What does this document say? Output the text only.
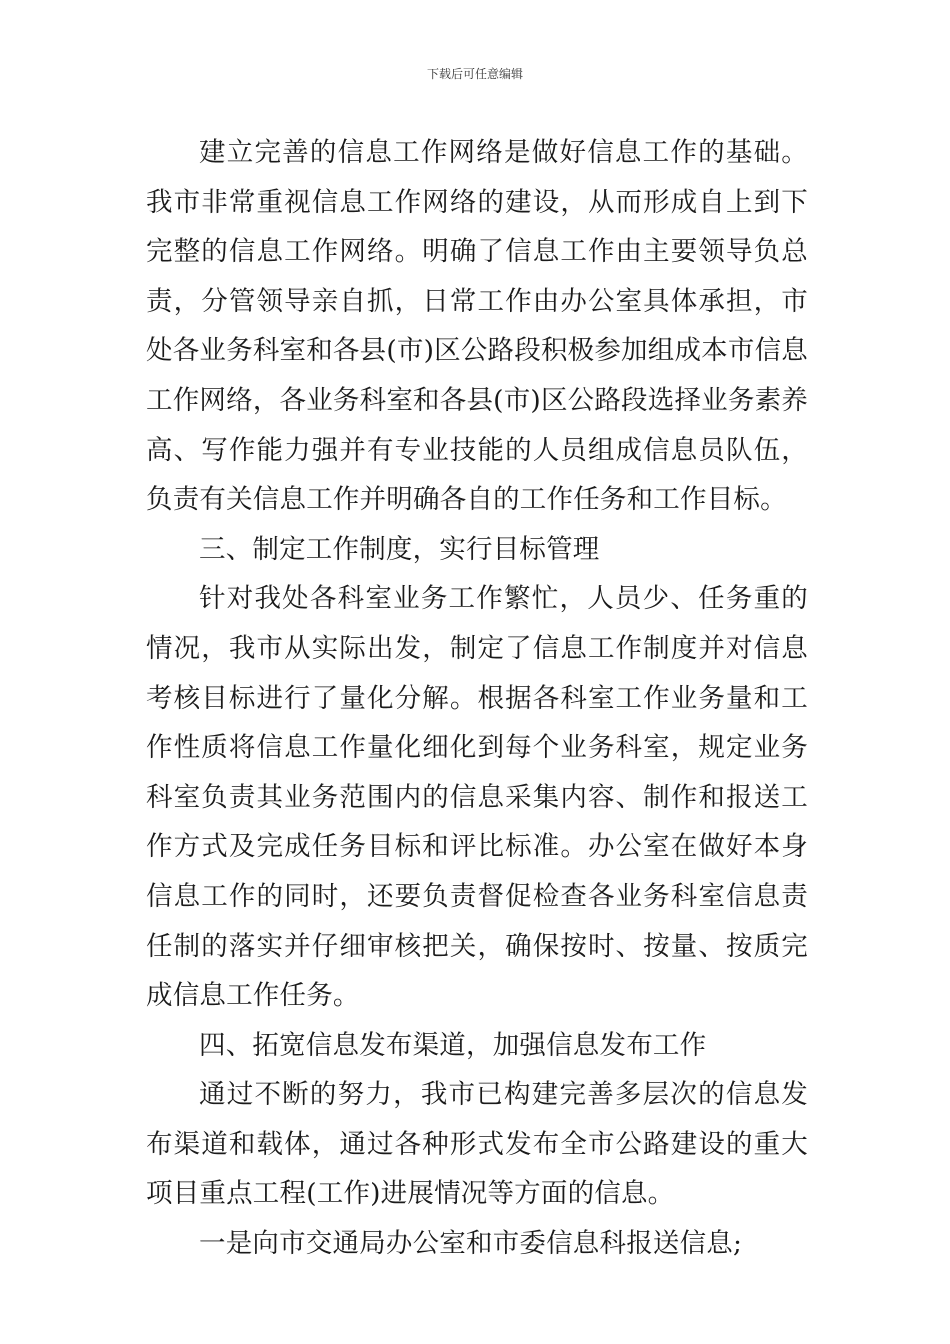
下载后可任意编辑

建立完善的信息工作网络是做好信息工作的基础。我市非常重视信息工作网络的建设，从而形成自上到下完整的信息工作网络。明确了信息工作由主要领导负总责，分管领导亲自抓，日常工作由办公室具体承担，市处各业务科室和各县(市)区公路段积极参加组成本市信息工作网络，各业务科室和各县(市)区公路段选择业务素养高、写作能力强并有专业技能的人员组成信息员队伍，负责有关信息工作并明确各自的工作任务和工作目标。

三、制定工作制度，实行目标管理

针对我处各科室业务工作繁忙，人员少、任务重的情况，我市从实际出发，制定了信息工作制度并对信息考核目标进行了量化分解。根据各科室工作业务量和工作性质将信息工作量化细化到每个业务科室，规定业务科室负责其业务范围内的信息采集内容、制作和报送工作方式及完成任务目标和评比标准。办公室在做好本身信息工作的同时，还要负责督促检查各业务科室信息责任制的落实并仔细审核把关，确保按时、按量、按质完成信息工作任务。

四、拓宽信息发布渠道，加强信息发布工作

通过不断的努力，我市已构建完善多层次的信息发布渠道和载体，通过各种形式发布全市公路建设的重大项目重点工程(工作)进展情况等方面的信息。

一是向市交通局办公室和市委信息科报送信息;
